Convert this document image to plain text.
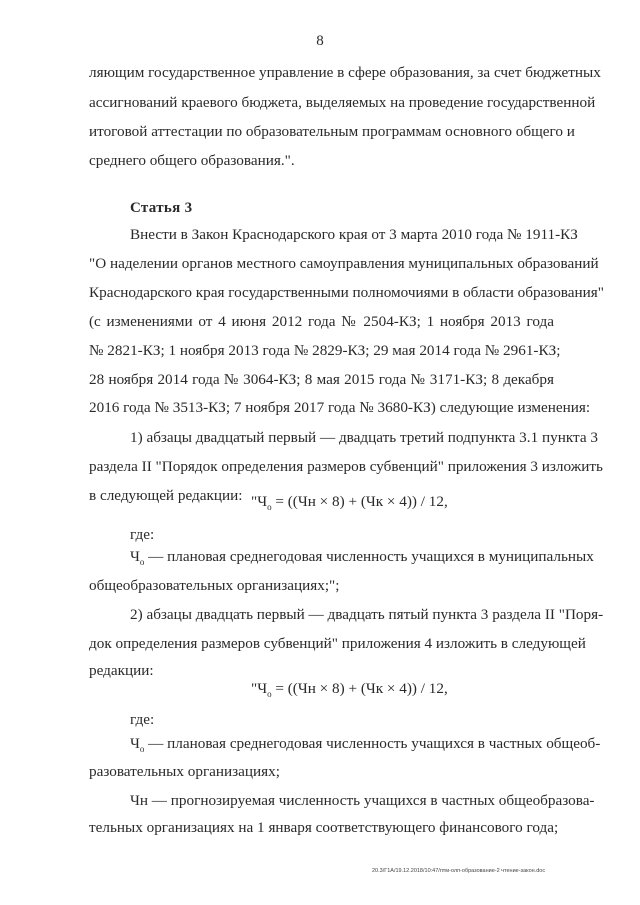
8
ляющим государственное управление в сфере образования, за счет бюджетных
ассигнований краевого бюджета, выделяемых на проведение государственной
итоговой аттестации по образовательным программам основного общего и
среднего общего образования.".
Статья 3
Внести в Закон Краснодарского края от 3 марта 2010 года № 1911-КЗ
"О наделении органов местного самоуправления муниципальных образований
Краснодарского края государственными полномочиями в области образования"
(с изменениями от 4 июня 2012 года № 2504-КЗ; 1 ноября 2013 года
№ 2821-КЗ; 1 ноября 2013 года № 2829-КЗ; 29 мая 2014 года № 2961-КЗ;
28 ноября 2014 года № 3064-КЗ; 8 мая 2015 года № 3171-КЗ; 8 декабря
2016 года № 3513-КЗ; 7 ноября 2017 года № 3680-КЗ) следующие изменения:
1) абзацы двадцатый первый — двадцать третий подпункта 3.1 пункта 3
раздела II "Порядок определения размеров субвенций" приложения 3 изложить
в следующей редакции: "$Ч_о = ((Чн \times 8) + (Чк \times 4)) / 12$,
где:
$Ч_о$ — плановая среднегодовая численность учащихся в муниципальных
общеобразовательных организациях;";
2) абзацы двадцать первый — двадцать пятый пункта 3 раздела II "Поря-
док определения размеров субвенций" приложения 4 изложить в следующей
редакции:
"$Ч_о = ((Чн \times 8) + (Чк \times 4)) / 12$,
где:
$Ч_о$ — плановая среднегодовая численность учащихся в частных общеоб-
разовательных организациях;
Чн — прогнозируемая численность учащихся в частных общеобразова-
тельных организациях на 1 января соответствующего финансового года;
20.3/Г1А/19.12.2018/10:47/птм-олп-образование-2 чтение-закон.doc
